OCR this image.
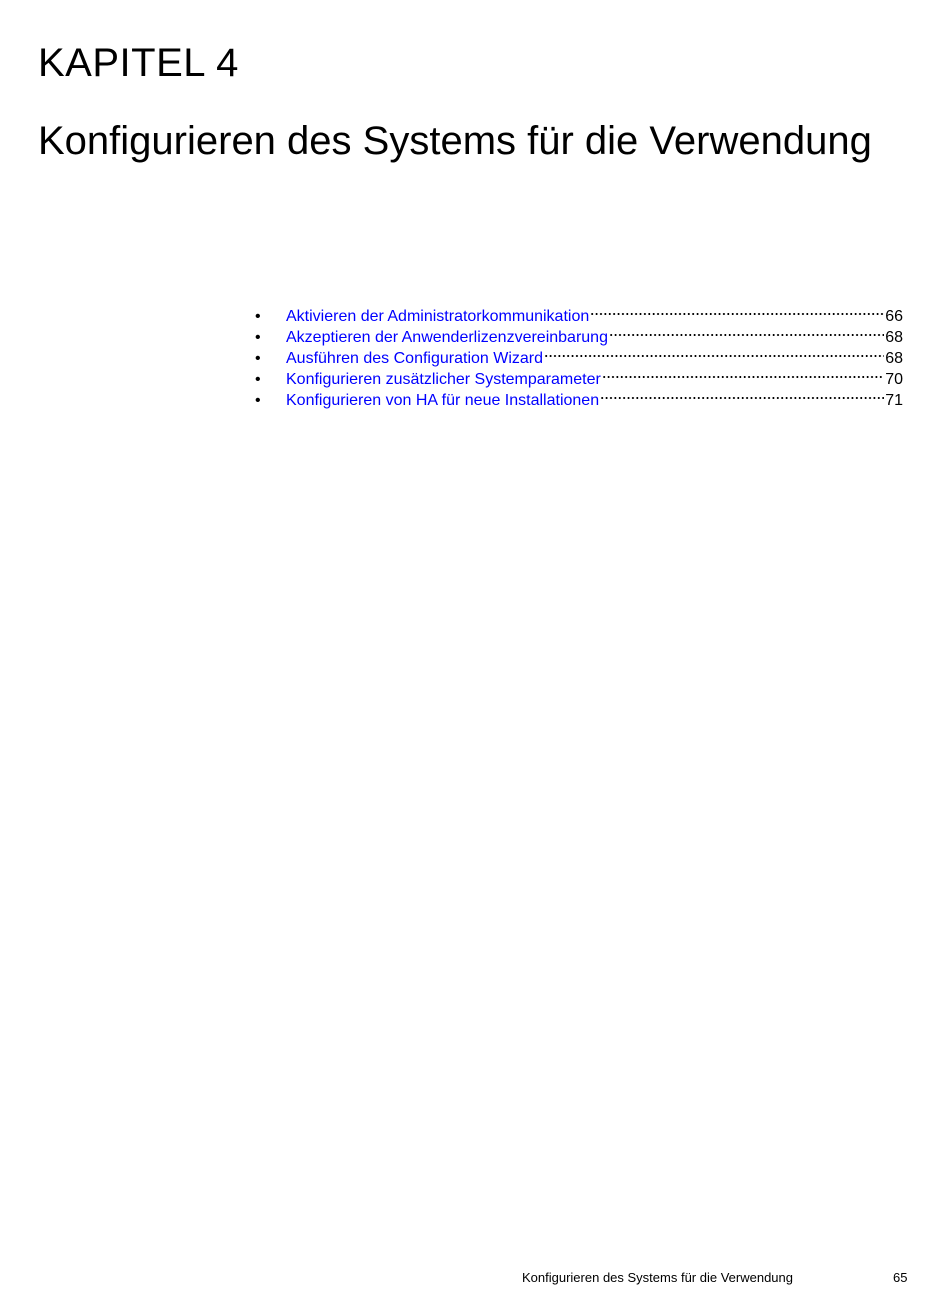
KAPITEL 4
Konfigurieren des Systems für die Verwendung
•	Aktivieren der Administratorkommunikation	66
•	Akzeptieren der Anwenderlizenzvereinbarung	68
•	Ausführen des Configuration Wizard	68
•	Konfigurieren zusätzlicher Systemparameter	70
•	Konfigurieren von HA für neue Installationen	71
Konfigurieren des Systems für die Verwendung	65
